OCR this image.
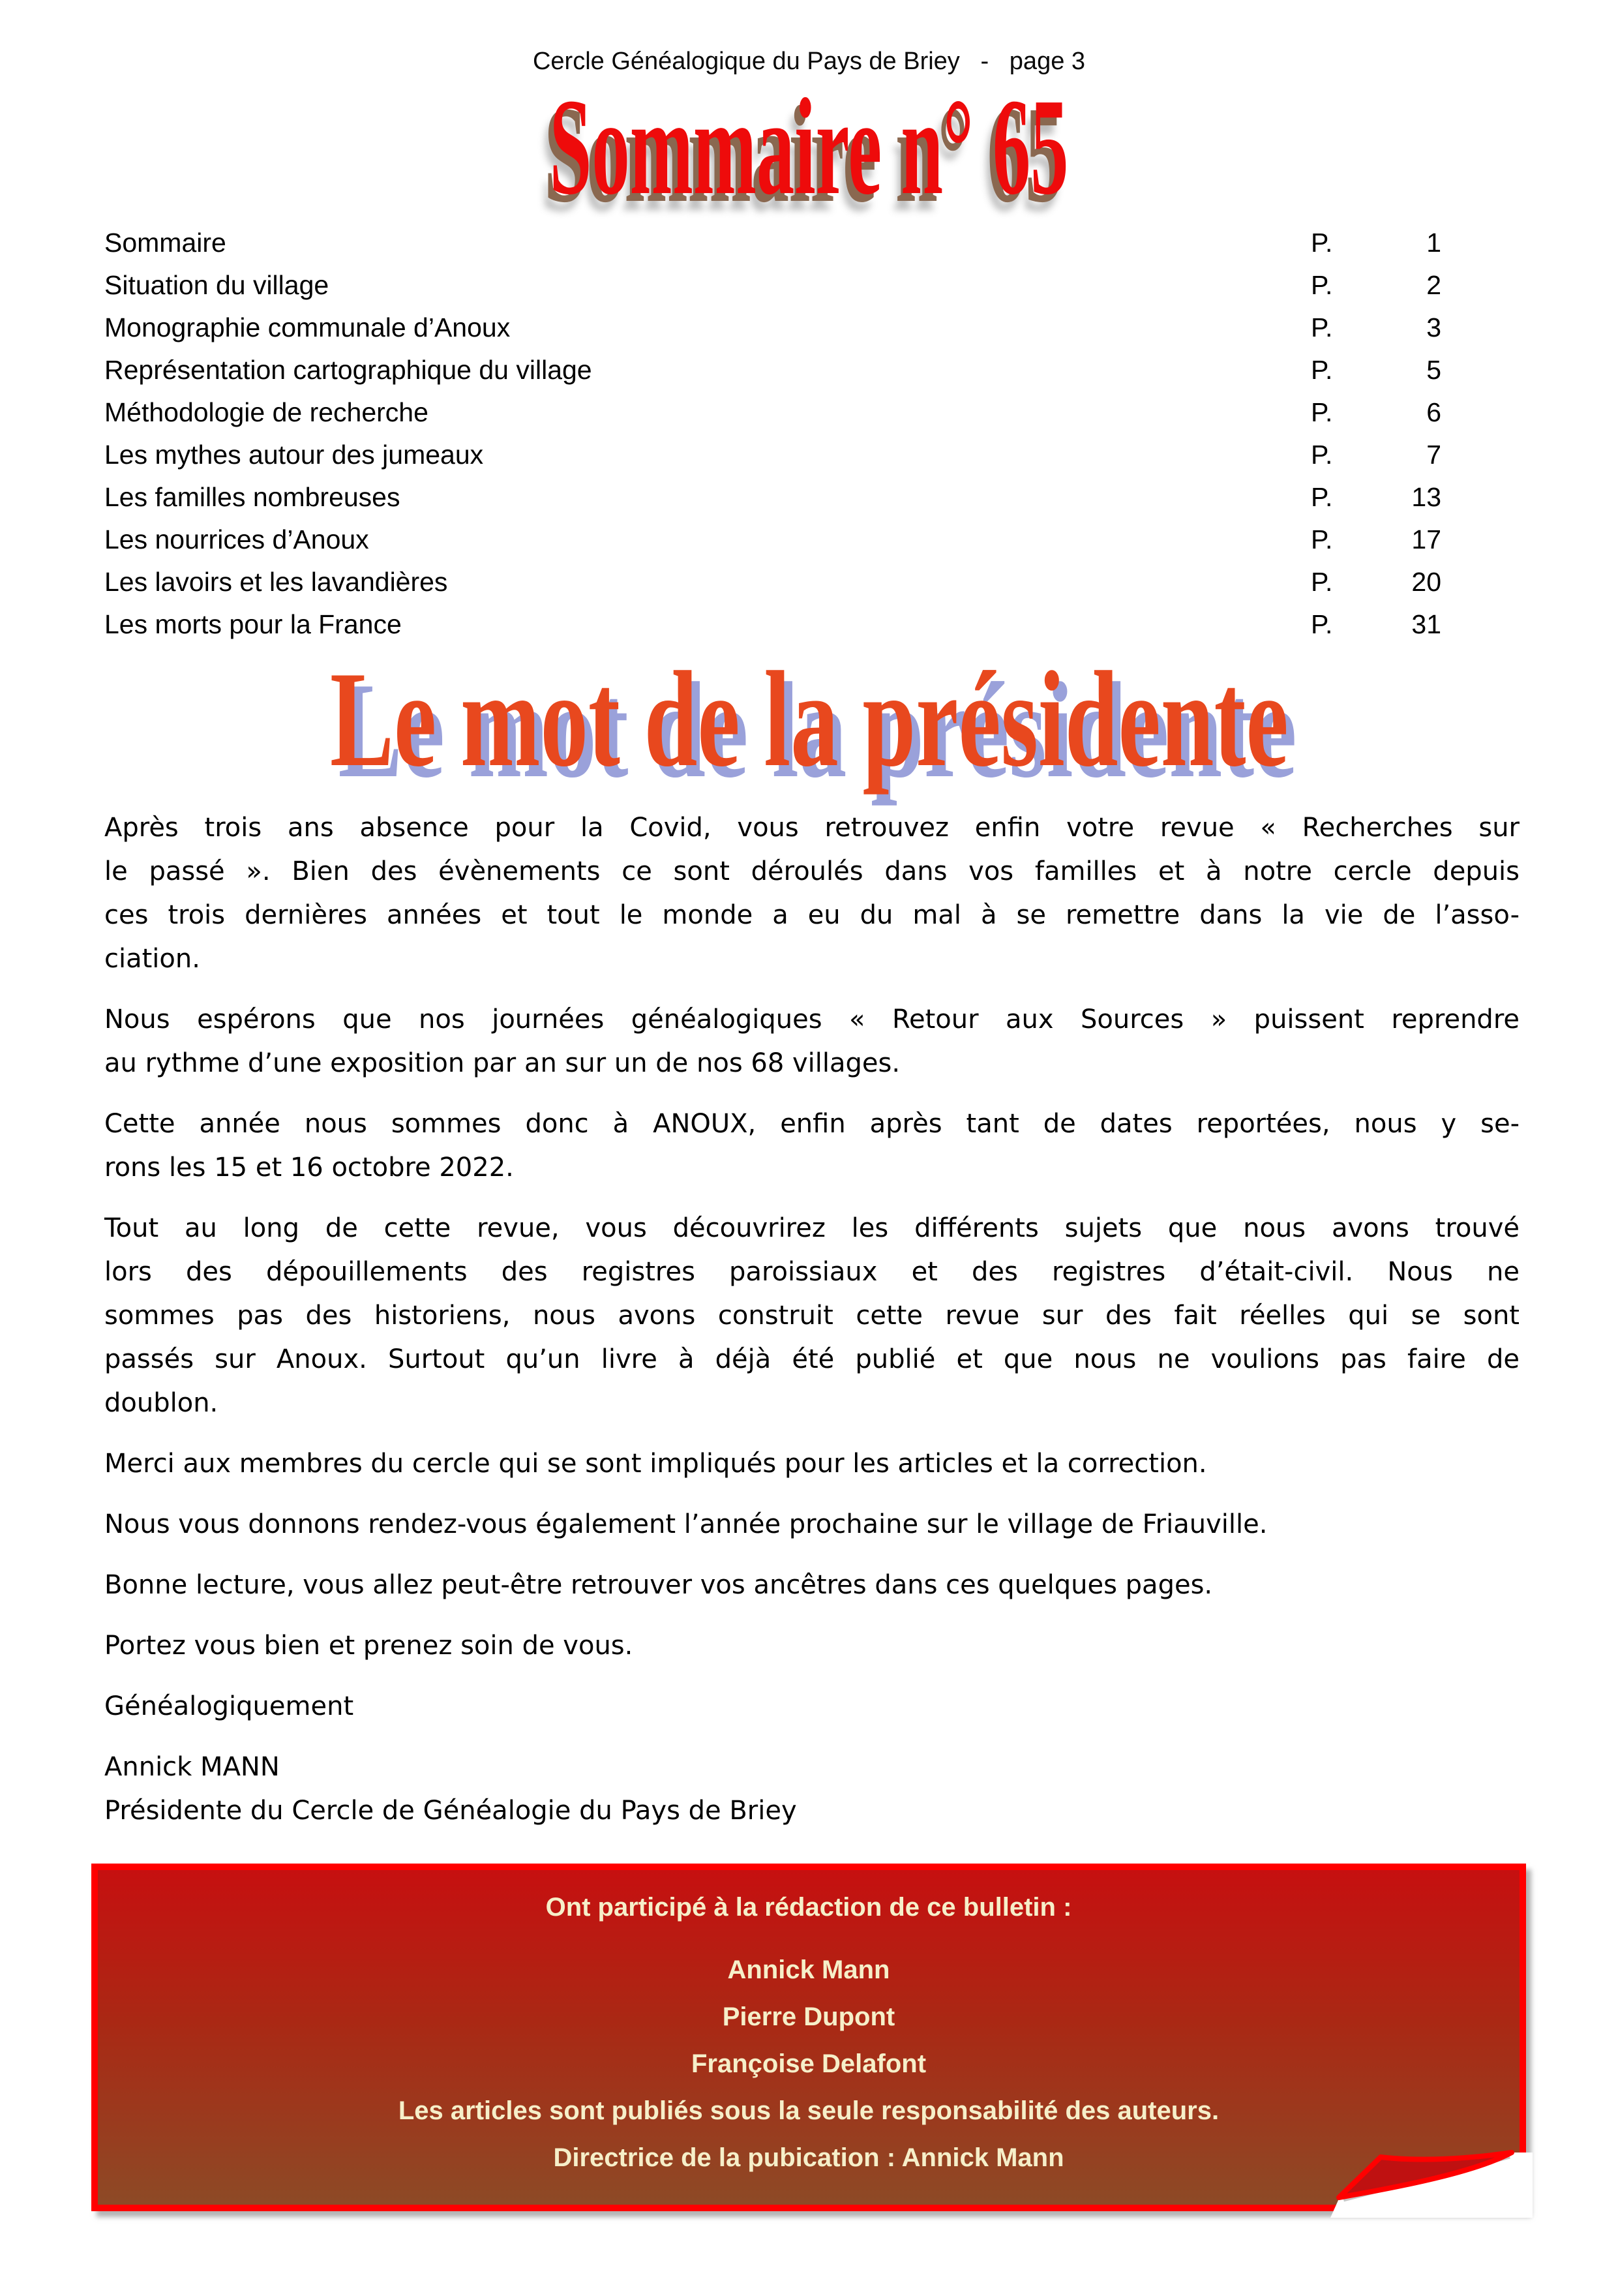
Cercle Généalogique du Pays de Briey   -   page 3
Sommaire n° 65
Sommaire	P.	1
Situation du village	P.	2
Monographie communale d’Anoux	P.	3
Représentation cartographique du village	P.	5
Méthodologie de recherche	P.	6
Les mythes autour des jumeaux	P.	7
Les familles nombreuses	P.	13
Les nourrices d’Anoux	P.	17
Les lavoirs et les lavandières	P.	20
Les morts pour la France	P.	31
Le mot de la présidente
Après trois ans absence pour la Covid, vous retrouvez enfin votre revue « Recherches sur
le passé ». Bien des évènements ce sont déroulés dans vos familles et à notre cercle depuis
ces trois dernières années et tout le monde a eu du mal à se remettre dans la vie de l’asso-
ciation.
Nous espérons que nos journées généalogiques « Retour aux Sources » puissent reprendre
au rythme d’une exposition par an sur un de nos 68 villages.
Cette année nous sommes donc à ANOUX, enfin après tant de dates reportées, nous y se-
rons les 15 et 16 octobre 2022.
Tout au long de cette revue, vous découvrirez les différents sujets que nous avons trouvé
lors des dépouillements des registres paroissiaux et des registres d’était-civil. Nous ne
sommes pas des historiens, nous avons construit cette revue sur des fait réelles qui se sont
passés sur Anoux. Surtout qu’un livre à déjà été publié et que nous ne voulions pas faire de
doublon.
Merci aux membres du cercle qui se sont impliqués pour les articles et la correction.
Nous vous donnons rendez-vous également l’année prochaine sur le village de Friauville.
Bonne lecture, vous allez peut-être retrouver vos ancêtres dans ces quelques pages.
Portez vous bien et prenez soin de vous.
Généalogiquement
Annick MANN
Présidente du Cercle de Généalogie du Pays de Briey
Ont participé à la rédaction de ce bulletin :
Annick Mann
Pierre Dupont
Françoise Delafont
Les articles sont publiés sous la seule responsabilité des auteurs.
Directrice de la pubication : Annick Mann
